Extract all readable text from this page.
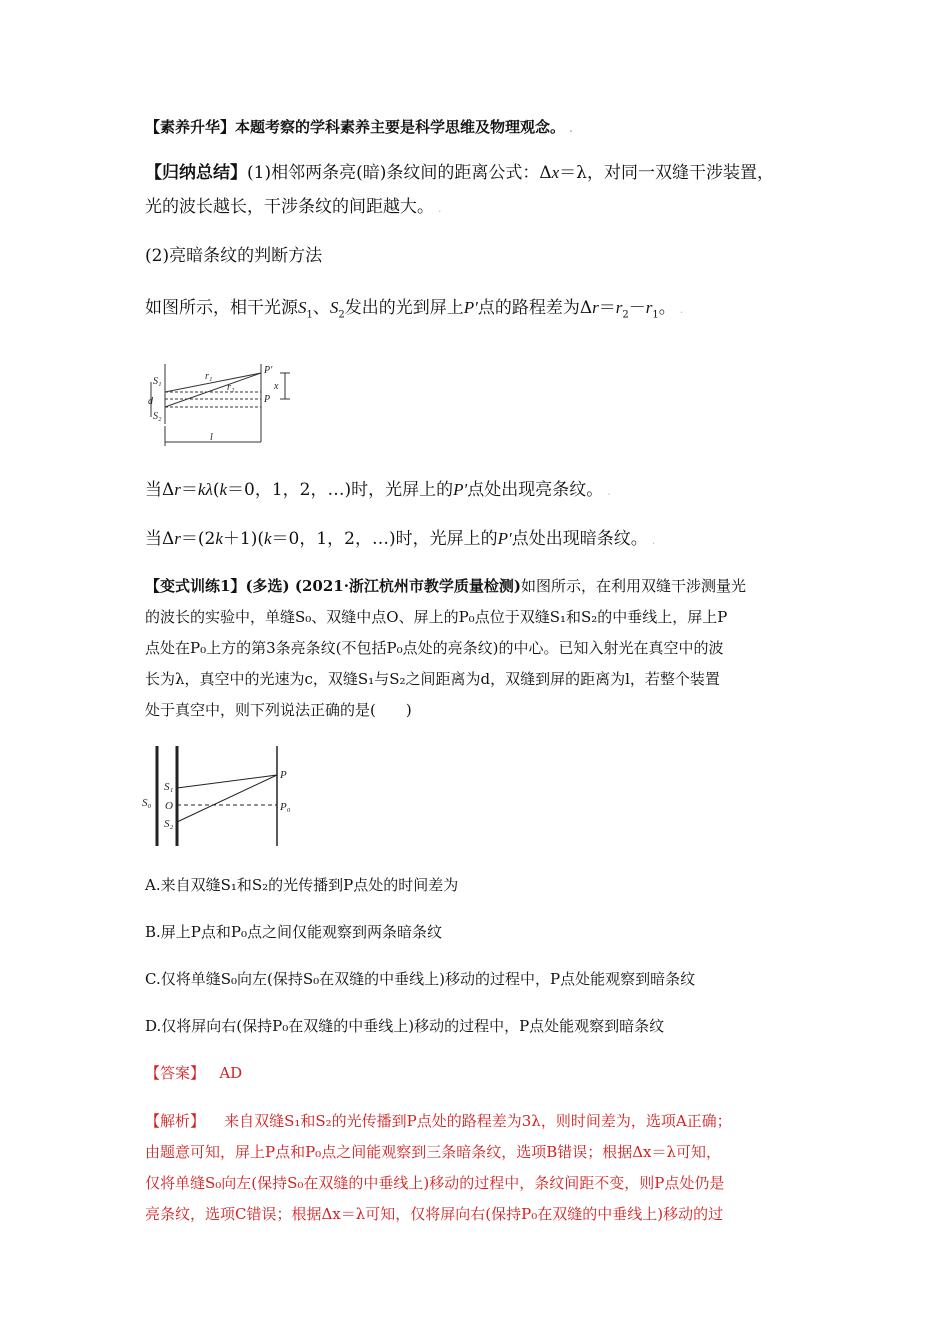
【素养升华】本题考察的学科素养主要是科学思维及物理观念。 .
【归纳总结】(1)相邻两条亮(暗)条纹间的距离公式：Δx＝λ，对同一双缝干涉装置，
光的波长越长，干涉条纹的间距越大。 .
(2)亮暗条纹的判断方法
如图所示，相干光源$S_1$、$S_2$发出的光到屏上P′点的路程差为$\Delta r=r_2-r_1$。 .
S₁
d
S₂
r₁
r₂
P′
P
x
l
当Δr＝kλ(k＝0，1，2，…)时，光屏上的P′点处出现亮条纹。 .
当Δr＝(2k＋1)(k＝0，1，2，…)时，光屏上的P′点处出现暗条纹。 .
【变式训练1】(多选) (2021·浙江杭州市教学质量检测)如图所示，在利用双缝干涉测量光
的波长的实验中，单缝S₀、双缝中点O、屏上的P₀点位于双缝S₁和S₂的中垂线上，屏上P
点处在P₀上方的第3条亮条纹(不包括P₀点处的亮条纹)的中心。已知入射光在真空中的波
长为λ，真空中的光速为c，双缝S₁与S₂之间距离为d，双缝到屏的距离为l，若整个装置
处于真空中，则下列说法正确的是(　　)
S₀
S₁
O
S₂
P
P₀
A.来自双缝S₁和S₂的光传播到P点处的时间差为
B.屏上P点和P₀点之间仅能观察到两条暗条纹
C.仅将单缝S₀向左(保持S₀在双缝的中垂线上)移动的过程中，P点处能观察到暗条纹
D.仅将屏向右(保持P₀在双缝的中垂线上)移动的过程中，P点处能观察到暗条纹
【答案】 AD
【解析】 来自双缝S₁和S₂的光传播到P点处的路程差为3λ，则时间差为，选项A正确；
由题意可知，屏上P点和P₀点之间能观察到三条暗条纹，选项B错误；根据Δx＝λ可知，
仅将单缝S₀向左(保持S₀在双缝的中垂线上)移动的过程中，条纹间距不变，则P点处仍是
亮条纹，选项C错误；根据Δx＝λ可知，仅将屏向右(保持P₀在双缝的中垂线上)移动的过
